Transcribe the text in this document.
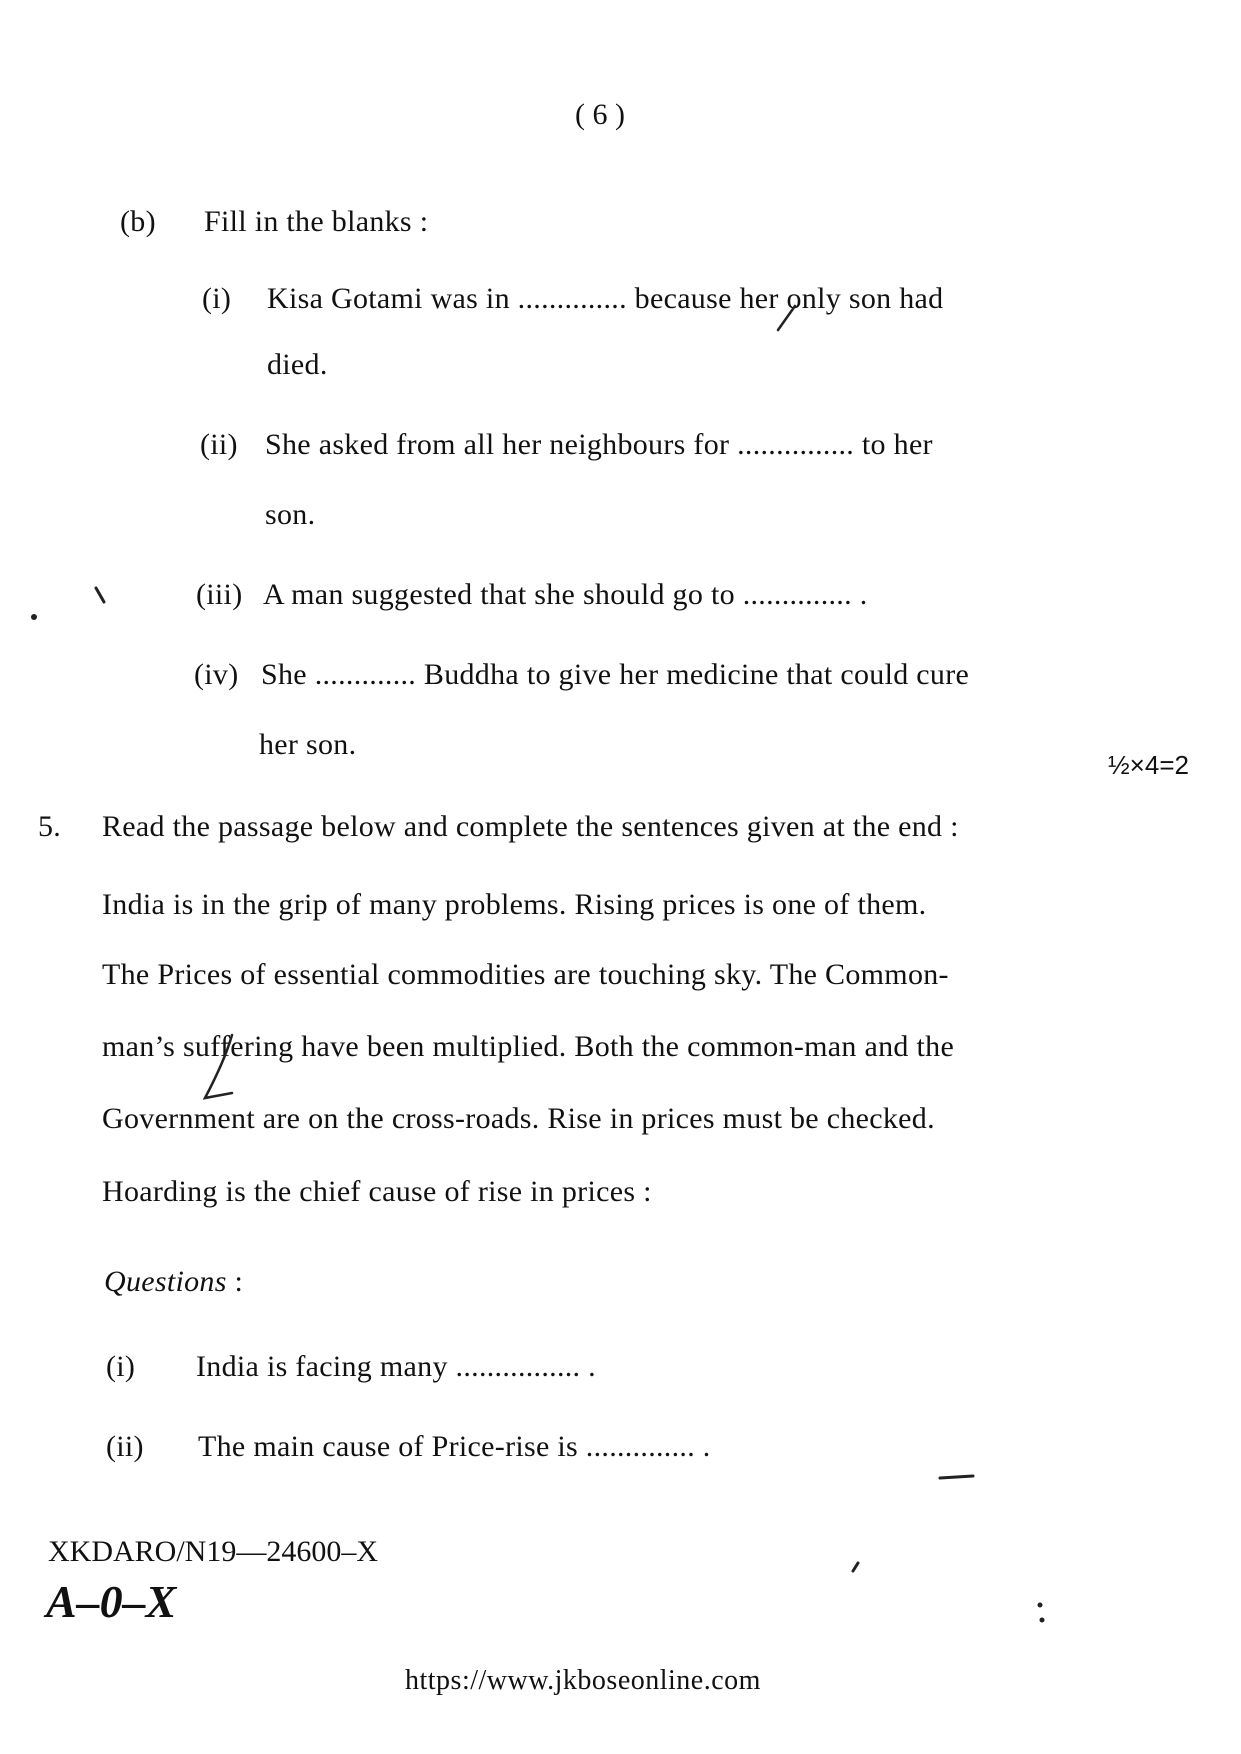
( 6 )
(b) Fill in the blanks :
(i) Kisa Gotami was in .............. because her only son had
died.
(ii) She asked from all her neighbours for ............... to her
son.
(iii) A man suggested that she should go to .............. .
(iv) She ............. Buddha to give her medicine that could cure
her son.
½×4=2
5. Read the passage below and complete the sentences given at the end :
India is in the grip of many problems. Rising prices is one of them.
The Prices of essential commodities are touching sky. The Common-
man’s suffering have been multiplied. Both the common-man and the
Government are on the cross-roads. Rise in prices must be checked.
Hoarding is the chief cause of rise in prices :
Questions :
(i) India is facing many ................ .
(ii) The main cause of Price-rise is .............. .
XKDARO/N19—24600–X
A–0–X
https://www.jkboseonline.com
